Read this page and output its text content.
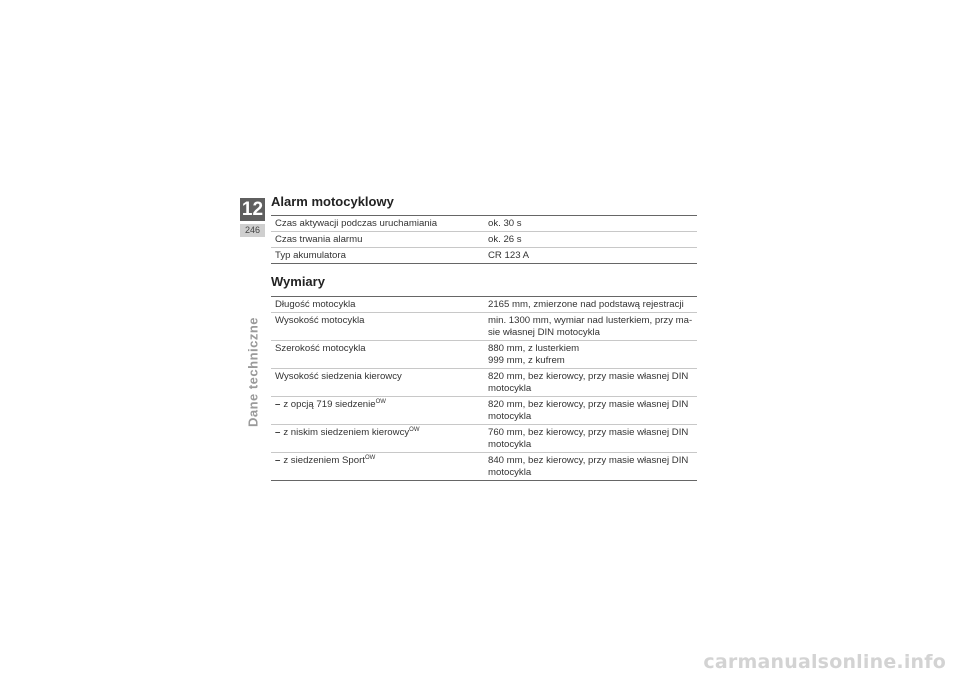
12
246
Dane techniczne
Alarm motocyklowy
Czas aktywacji podczas uruchamiania	ok. 30 s
Czas trwania alarmu	ok. 26 s
Typ akumulatora	CR 123 A
Wymiary
Długość motocykla	2165 mm, zmierzone nad podstawą rejestracji
Wysokość motocykla	min. 1300 mm, wymiar nad lusterkiem, przy ma-
sie własnej DIN motocykla
Szerokość motocykla	880 mm, z lusterkiem
999 mm, z kufrem
Wysokość siedzenia kierowcy	820 mm, bez kierowcy, przy masie własnej DIN
motocykla
– z opcją 719 siedzenie$^{OW}$	820 mm, bez kierowcy, przy masie własnej DIN
motocykla
– z niskim siedzeniem kierowcy$^{OW}$	760 mm, bez kierowcy, przy masie własnej DIN
motocykla
– z siedzeniem Sport$^{OW}$	840 mm, bez kierowcy, przy masie własnej DIN
motocykla
carmanualsonline.info
